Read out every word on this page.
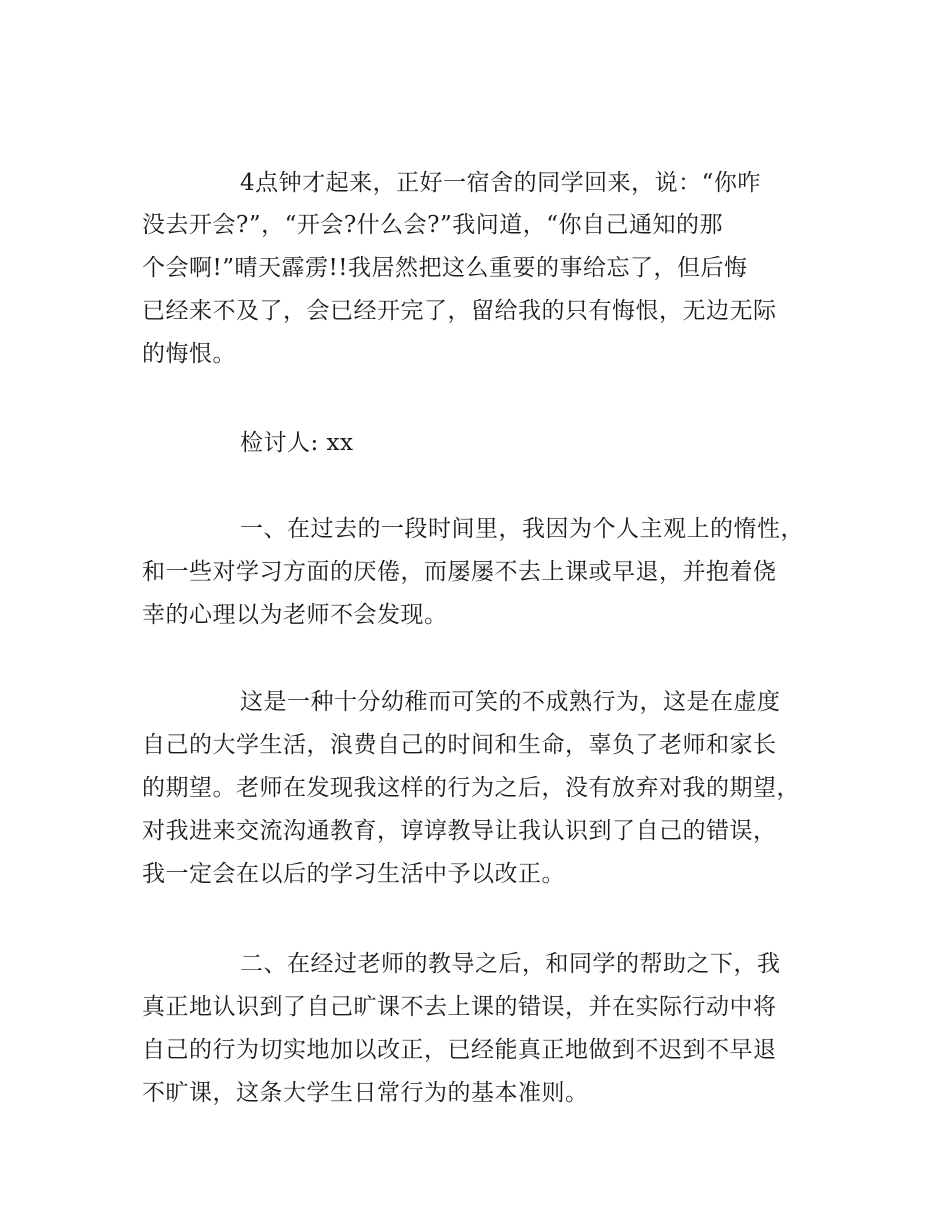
4点钟才起来，正好一宿舍的同学回来，说：“你咋
没去开会?”，“开会?什么会?”我问道，“你自己通知的那
个会啊!”晴天霹雳!!我居然把这么重要的事给忘了，但后悔
已经来不及了，会已经开完了，留给我的只有悔恨，无边无际
的悔恨。
检讨人: xx
一、在过去的一段时间里，我因为个人主观上的惰性，
和一些对学习方面的厌倦，而屡屡不去上课或早退，并抱着侥
幸的心理以为老师不会发现。
这是一种十分幼稚而可笑的不成熟行为，这是在虚度
自己的大学生活，浪费自己的时间和生命，辜负了老师和家长
的期望。老师在发现我这样的行为之后，没有放弃对我的期望，
对我进来交流沟通教育，谆谆教导让我认识到了自己的错误，
我一定会在以后的学习生活中予以改正。
二、在经过老师的教导之后，和同学的帮助之下，我
真正地认识到了自己旷课不去上课的错误，并在实际行动中将
自己的行为切实地加以改正，已经能真正地做到不迟到不早退
不旷课，这条大学生日常行为的基本准则。
